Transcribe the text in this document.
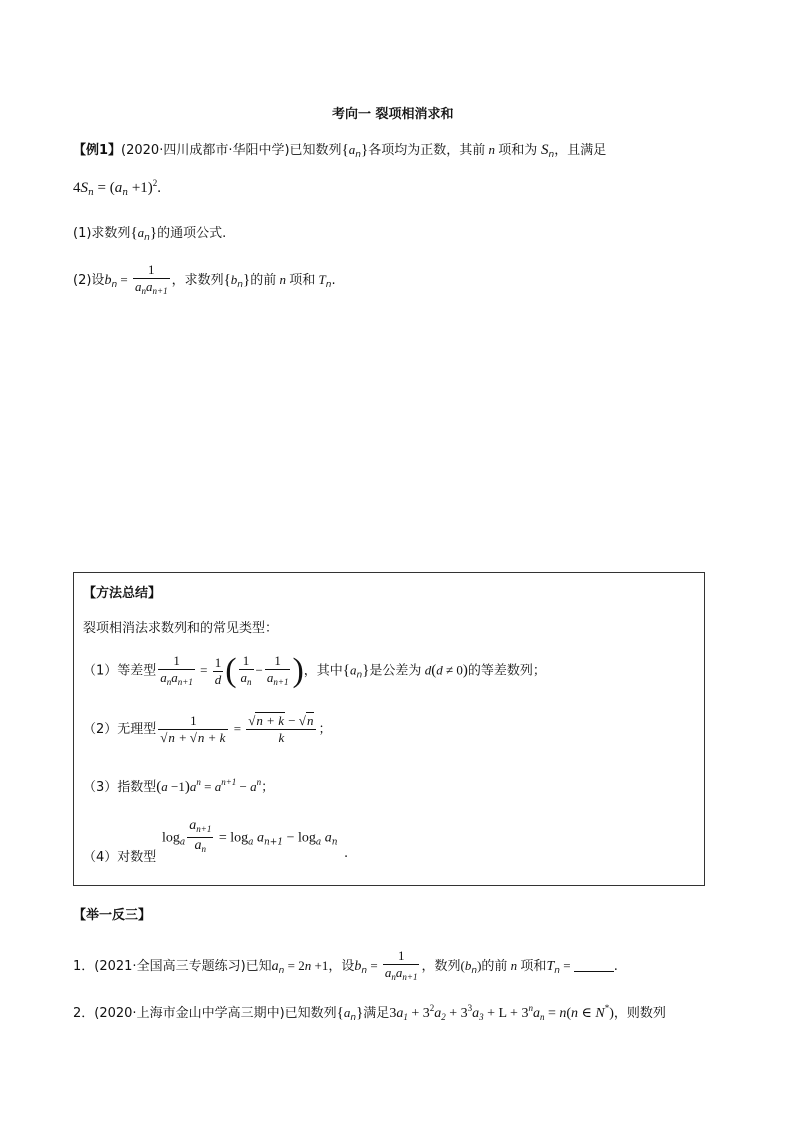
考向一 裂项相消求和
【例1】(2020·四川成都市·华阳中学)已知数列$\{a_n\}$各项均为正数，其前 n 项和为 $S_n$，且满足
$4S_n = (a_n +1)^2$.
(1)求数列$\{a_n\}$的通项公式.
(2)设$b_n = \frac{1}{a_na_{n+1}}$ ，求数列$\{b_n\}$的前 n 项和 $T_n$.
【方法总结】
裂项相消法求数列和的常见类型：
（1）等差型 $\frac{1}{a_na_{n+1}} = \frac{1}{d}$ ( $\frac{1}{a_n} - \frac{1}{a_{n+1}}$ )，其中$\{a_n\}$是公差为 d(d ≠ 0)的等差数列；
（2）无理型 $\frac{1}{√n + √n + k} = \frac{√n + k - √n}{k}$ ；
（3）指数型$(a -1)a^n = a^{n+1} - a^n$；
$\log_a \frac{a_{n+1}}{a_n} = \log_a a_{n+1} - \log_a a_n$
（4）对数型	.
【举一反三】
1．(2021·全国高三专题练习)已知$a_n = 2n +1$，设$b_n = \frac{1}{a_na_{n+1}}$ ，数列$(b_n)$的前 n 项和$T_n$ =	.
2．(2020·上海市金山中学高三期中)已知数列$\{a_n\}$满足$3a_1 + 3^2a_2 + 3^3a_3 + L + 3^na_n = n(n$ ∈ N*)，则数列
